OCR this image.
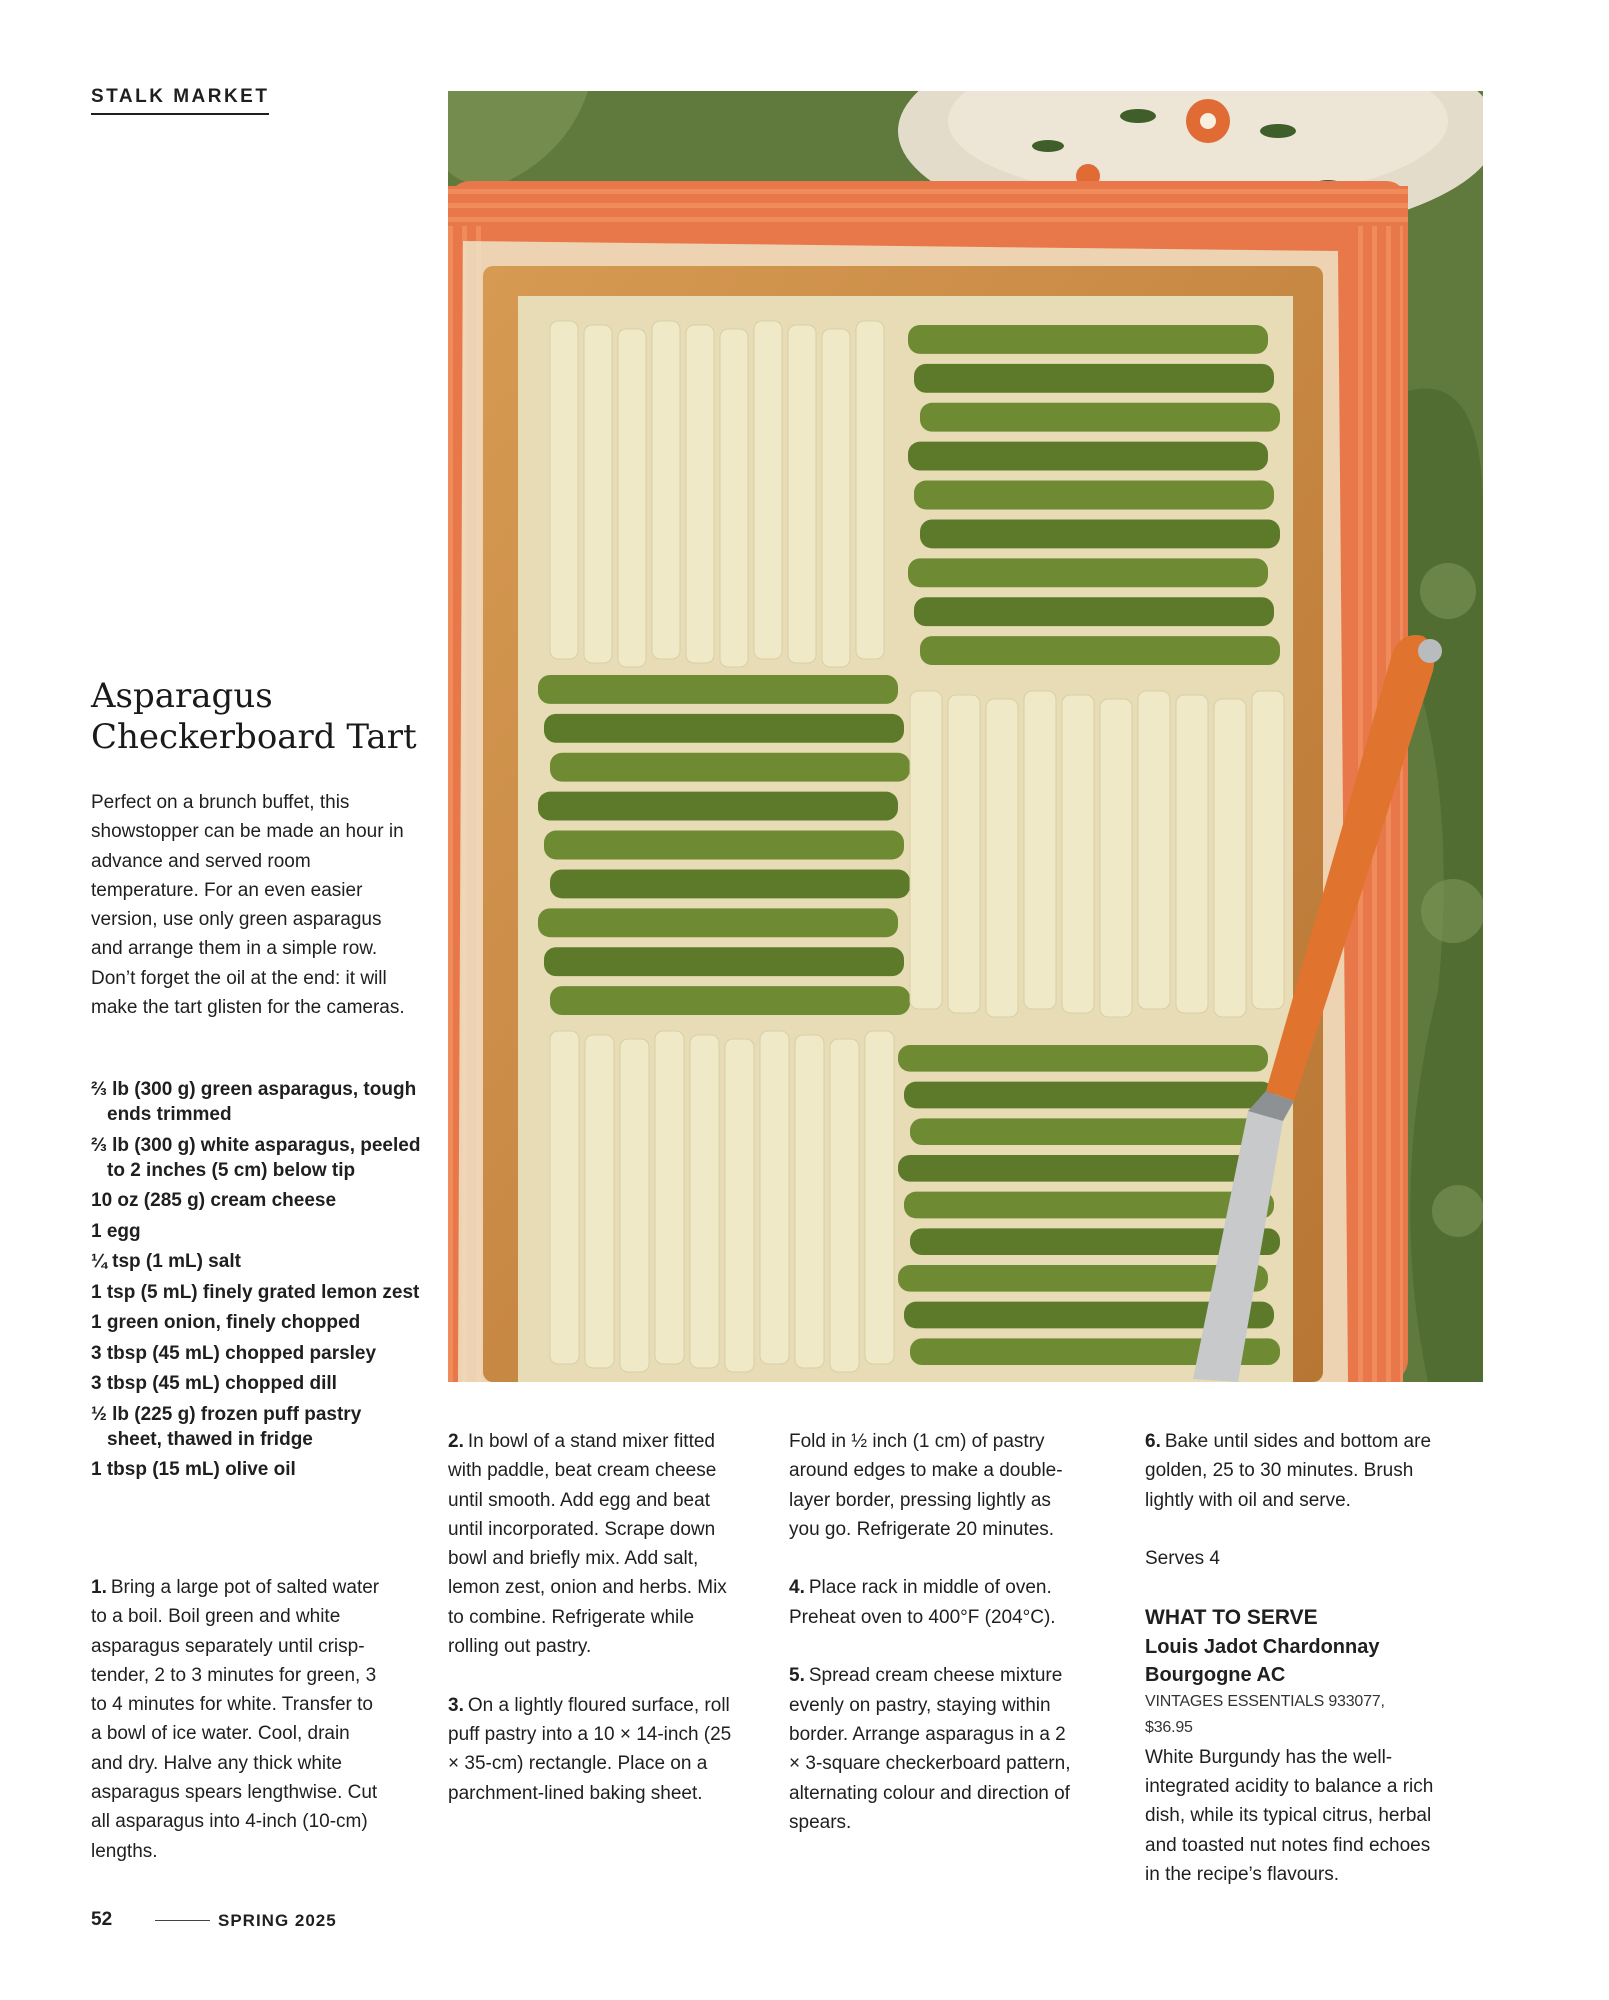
STALK MARKET
Asparagus
Checkerboard Tart

Perfect on a brunch buffet, this showstopper can be made an hour in advance and served room temperature. For an even easier version, use only green asparagus and arrange them in a simple row. Don’t forget the oil at the end: it will make the tart glisten for the cameras.

⅔ lb (300 g) green asparagus, tough ends trimmed
⅔ lb (300 g) white asparagus, peeled to 2 inches (5 cm) below tip
10 oz (285 g) cream cheese
1 egg
¼ tsp (1 mL) salt
1 tsp (5 mL) finely grated lemon zest
1 green onion, finely chopped
3 tbsp (45 mL) chopped parsley
3 tbsp (45 mL) chopped dill
½ lb (225 g) frozen puff pastry sheet, thawed in fridge
1 tbsp (15 mL) olive oil

1. Bring a large pot of salted water to a boil. Boil green and white asparagus separately until crisp-tender, 2 to 3 minutes for green, 3 to 4 minutes for white. Transfer to a bowl of ice water. Cool, drain and dry. Halve any thick white asparagus spears lengthwise. Cut all asparagus into 4-inch (10-cm) lengths.

2. In bowl of a stand mixer fitted with paddle, beat cream cheese until smooth. Add egg and beat until incorporated. Scrape down bowl and briefly mix. Add salt, lemon zest, onion and herbs. Mix to combine. Refrigerate while rolling out pastry.

3. On a lightly floured surface, roll puff pastry into a 10 × 14-inch (25 × 35-cm) rectangle. Place on a parchment-lined baking sheet.

Fold in ½ inch (1 cm) of pastry around edges to make a double-layer border, pressing lightly as you go. Refrigerate 20 minutes.

4. Place rack in middle of oven. Preheat oven to 400°F (204°C).

5. Spread cream cheese mixture evenly on pastry, staying within border. Arrange asparagus in a 2 × 3-square checkerboard pattern, alternating colour and direction of spears.

6. Bake until sides and bottom are golden, 25 to 30 minutes. Brush lightly with oil and serve.

Serves 4

WHAT TO SERVE
Louis Jadot Chardonnay
Bourgogne AC
VINTAGES ESSENTIALS 933077, $36.95
White Burgundy has the well-integrated acidity to balance a rich dish, while its typical citrus, herbal and toasted nut notes find echoes in the recipe’s flavours.
52	SPRING 2025
